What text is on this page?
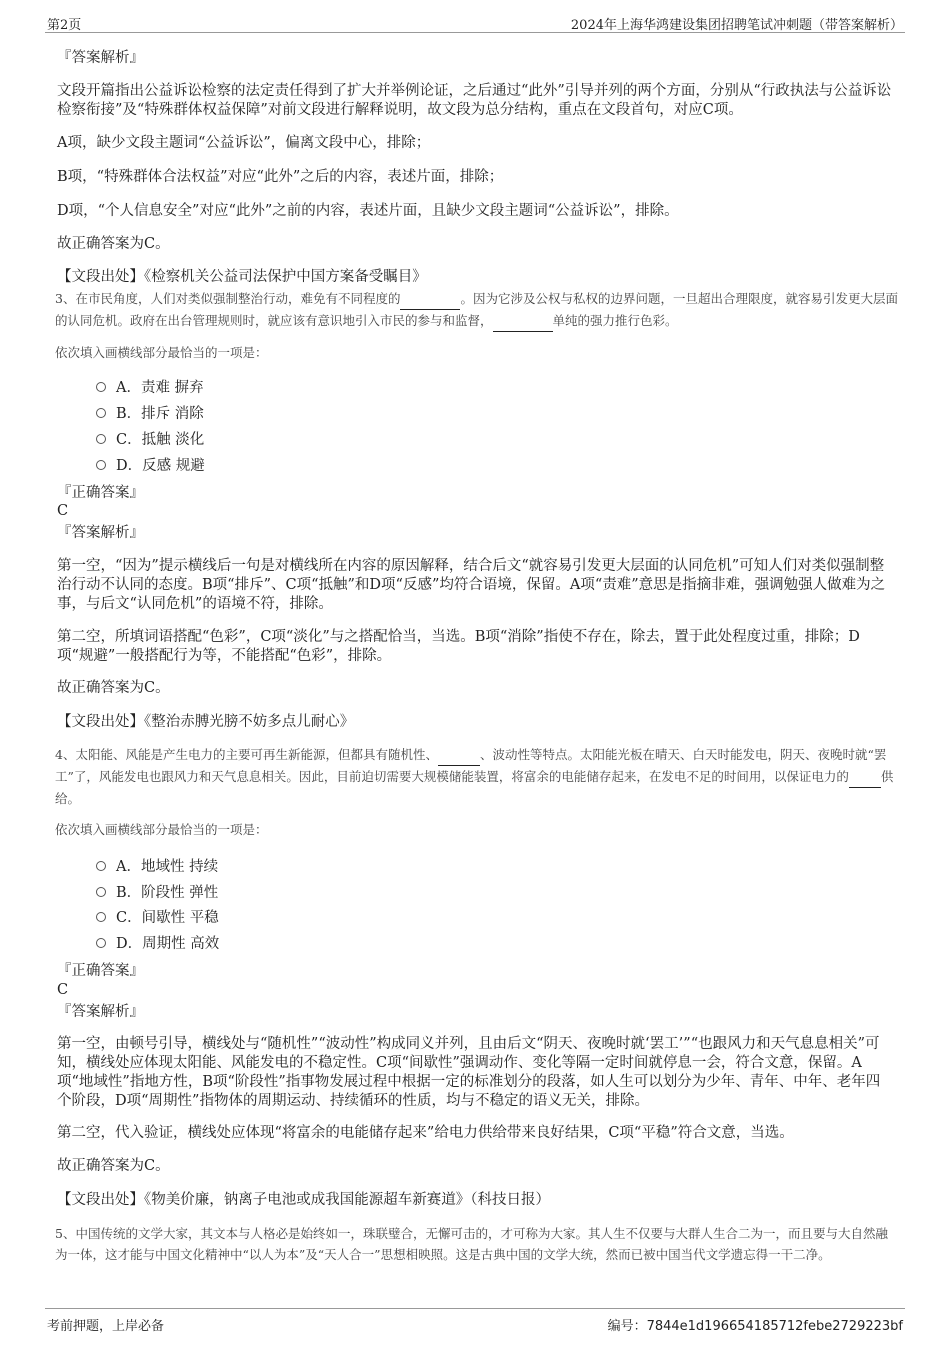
第2页	2024年上海华鸿建设集团招聘笔试冲刺题（带答案解析）
『答案解析』
文段开篇指出公益诉讼检察的法定责任得到了扩大并举例论证，之后通过“此外”引导并列的两个方面，分别从“行政执法与公益诉讼检察衔接”及“特殊群体权益保障”对前文段进行解释说明，故文段为总分结构，重点在文段首句，对应C项。
A项，缺少文段主题词“公益诉讼”，偏离文段中心，排除；
B项，“特殊群体合法权益”对应“此外”之后的内容，表述片面，排除；
D项，“个人信息安全”对应“此外”之前的内容，表述片面，且缺少文段主题词“公益诉讼”，排除。
故正确答案为C。
【文段出处】《检察机关公益司法保护中国方案备受瞩目》
3、在市民角度，人们对类似强制整治行动，难免有不同程度的	。因为它涉及公权与私权的边界问题，一旦超出合理限度，就容易引发更大层面的认同危机。政府在出台管理规则时，就应该有意识地引入市民的参与和监督，	单纯的强力推行色彩。
依次填入画横线部分最恰当的一项是：
A．责难 摒弃
B．排斥 消除
C．抵触 淡化
D．反感 规避
『正确答案』
C
『答案解析』
第一空，“因为”提示横线后一句是对横线所在内容的原因解释，结合后文“就容易引发更大层面的认同危机”可知人们对类似强制整治行动不认同的态度。B项“排斥”、C项“抵触”和D项“反感”均符合语境，保留。A项“责难”意思是指摘非难，强调勉强人做难为之事，与后文“认同危机”的语境不符，排除。
第二空，所填词语搭配“色彩”，C项“淡化”与之搭配恰当，当选。B项“消除”指使不存在，除去，置于此处程度过重，排除；D项“规避”一般搭配行为等，不能搭配“色彩”，排除。
故正确答案为C。
【文段出处】《整治赤膊光膀不妨多点儿耐心》
4、太阳能、风能是产生电力的主要可再生新能源，但都具有随机性、	、波动性等特点。太阳能光板在晴天、白天时能发电，阴天、夜晚时就“罢工”了，风能发电也跟风力和天气息息相关。因此，目前迫切需要大规模储能装置，将富余的电能储存起来，在发电不足的时间用，以保证电力的	供给。
依次填入画横线部分最恰当的一项是：
A．地域性 持续
B．阶段性 弹性
C．间歇性 平稳
D．周期性 高效
『正确答案』
C
『答案解析』
第一空，由顿号引导，横线处与“随机性”“波动性”构成同义并列，且由后文“阴天、夜晚时就‘罢工’”“也跟风力和天气息息相关”可知，横线处应体现太阳能、风能发电的不稳定性。C项“间歇性”强调动作、变化等隔一定时间就停息一会，符合文意，保留。A项“地域性”指地方性，B项“阶段性”指事物发展过程中根据一定的标准划分的段落，如人生可以划分为少年、青年、中年、老年四个阶段，D项“周期性”指物体的周期运动、持续循环的性质，均与不稳定的语义无关，排除。
第二空，代入验证，横线处应体现“将富余的电能储存起来”给电力供给带来良好结果，C项“平稳”符合文意，当选。
故正确答案为C。
【文段出处】《物美价廉，钠离子电池或成我国能源超车新赛道》（科技日报）
5、中国传统的文学大家，其文本与人格必是始终如一，珠联璧合，无懈可击的，才可称为大家。其人生不仅要与大群人生合二为一，而且要与大自然融为一体，这才能与中国文化精神中“以人为本”及“天人合一”思想相映照。这是古典中国的文学大统，然而已被中国当代文学遗忘得一干二净。
考前押题，上岸必备	编号：7844e1d196654185712febe2729223bf
